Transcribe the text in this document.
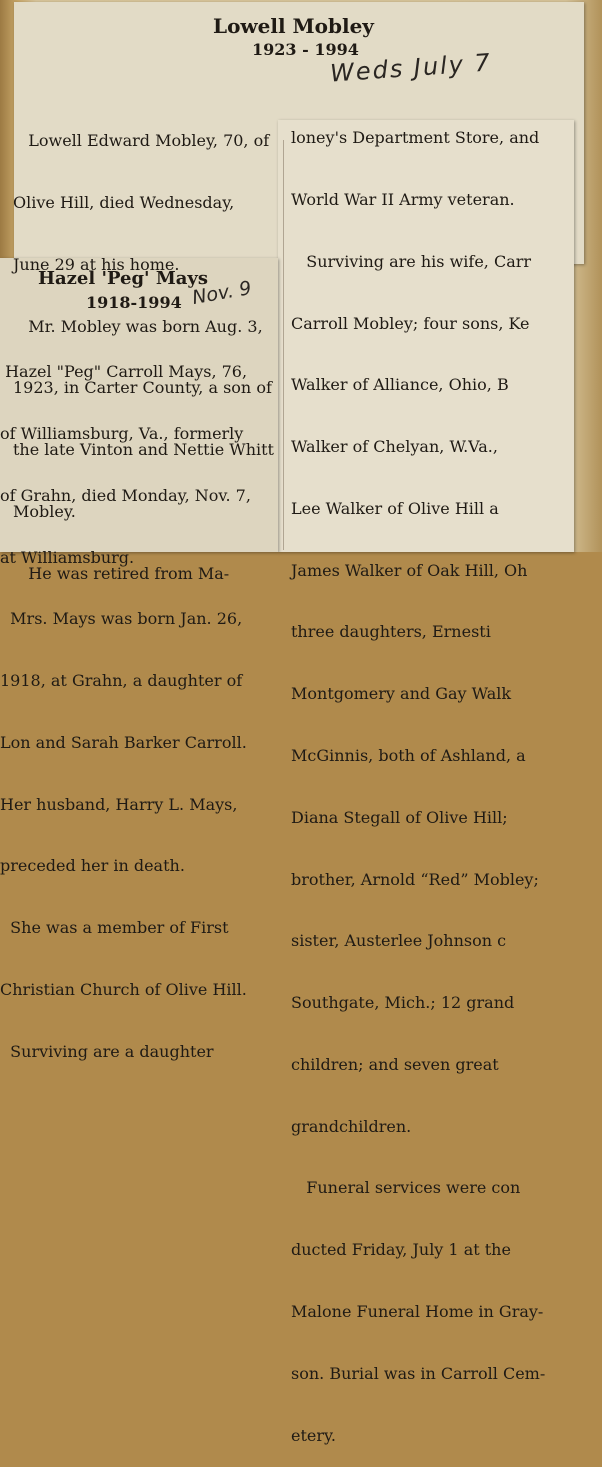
Lowell Mobley
1923 - 1994
Weds July 7

Lowell Edward Mobley, 70, of

Olive Hill, died Wednesday,

June 29 at his home.

Mr. Mobley was born Aug. 3,

1923, in Carter County, a son of

the late Vinton and Nettie Whitt

Mobley.

He was retired from Ma-

loney's Department Store, and

World War II Army veteran.

Surviving are his wife, Carr

Carroll Mobley; four sons, Ke

Walker of Alliance, Ohio, B

Walker of Chelyan, W.Va.,

Lee Walker of Olive Hill a

James Walker of Oak Hill, Oh

three daughters, Ernesti

Montgomery and Gay Walk

McGinnis, both of Ashland, a

Diana Stegall of Olive Hill;

brother, Arnold “Red” Mobley;

sister, Austerlee Johnson c

Southgate, Mich.; 12 grand

children; and seven great

grandchildren.

Funeral services were con

ducted Friday, July 1 at the

Malone Funeral Home in Gray-

son. Burial was in Carroll Cem-

etery.

Hazel 'Peg' Mays
1918-1994 Nov. 9

Hazel "Peg" Carroll Mays, 76,

of Williamsburg, Va., formerly

of Grahn, died Monday, Nov. 7,

at Williamsburg.

Mrs. Mays was born Jan. 26,

1918, at Grahn, a daughter of

Lon and Sarah Barker Carroll.

Her husband, Harry L. Mays,

preceded her in death.

She was a member of First

Christian Church of Olive Hill.

Surviving are a daughter
